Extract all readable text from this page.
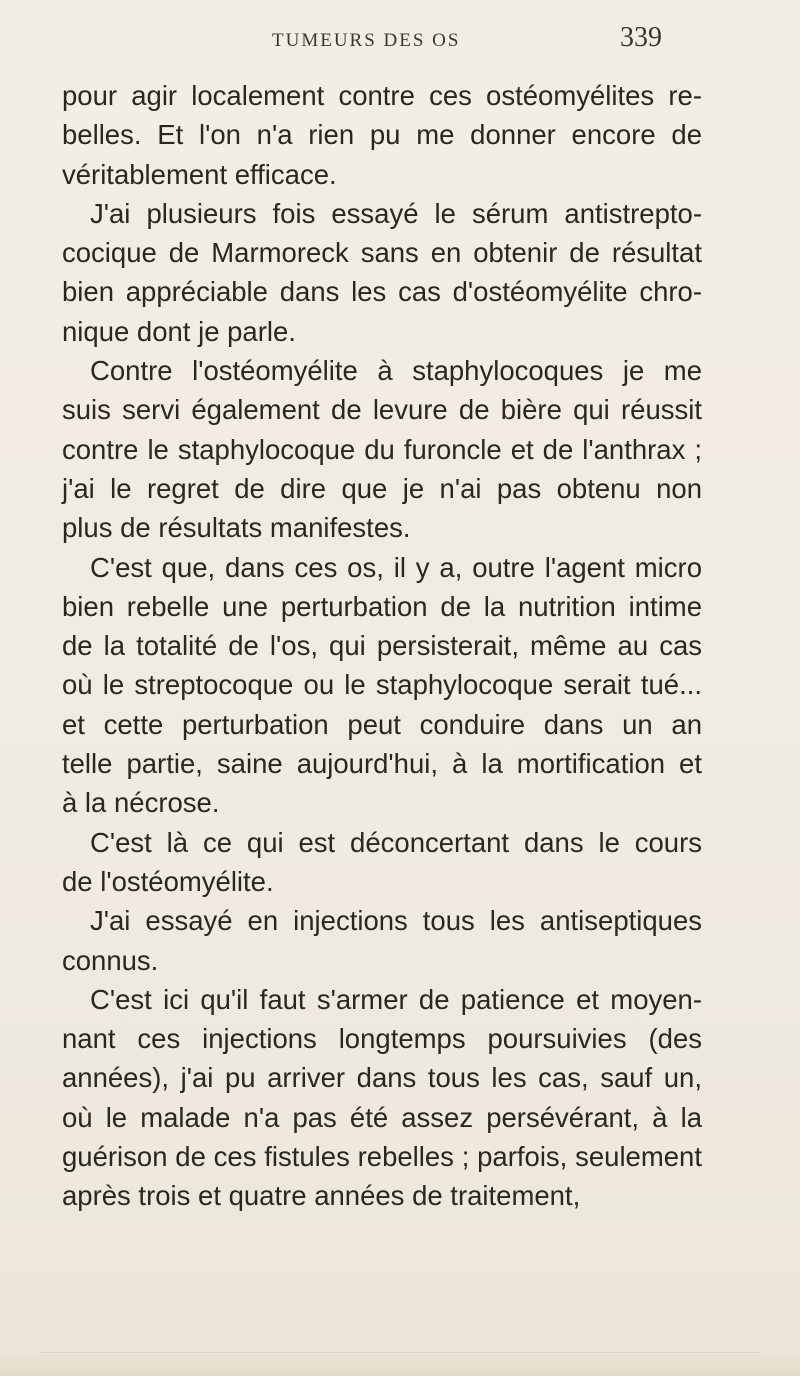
TUMEURS DES OS	339
pour agir localement contre ces ostéomyélites re-
belles. Et l'on n'a rien pu me donner encore de
véritablement efficace.
J'ai plusieurs fois essayé le sérum antistrepto-
cocique de Marmoreck sans en obtenir de résultat
bien appréciable dans les cas d'ostéomyélite chro-
nique dont je parle.
Contre l'ostéomyélite à staphylocoques je me
suis servi également de levure de bière qui réussit
contre le staphylocoque du furoncle et de l'anthrax ;
j'ai le regret de dire que je n'ai pas obtenu non
plus de résultats manifestes.
C'est que, dans ces os, il y a, outre l'agent micro
bien rebelle une perturbation de la nutrition intime
de la totalité de l'os, qui persisterait, même au cas
où le streptocoque ou le staphylocoque serait tué...
et cette perturbation peut conduire dans un an
telle partie, saine aujourd'hui, à la mortification et
à la nécrose.
C'est là ce qui est déconcertant dans le cours
de l'ostéomyélite.
J'ai essayé en injections tous les antiseptiques
connus.
C'est ici qu'il faut s'armer de patience et moyen-
nant ces injections longtemps poursuivies (des
années), j'ai pu arriver dans tous les cas, sauf un,
où le malade n'a pas été assez persévérant, à la
guérison de ces fistules rebelles ; parfois, seulement
après trois et quatre années de traitement,
